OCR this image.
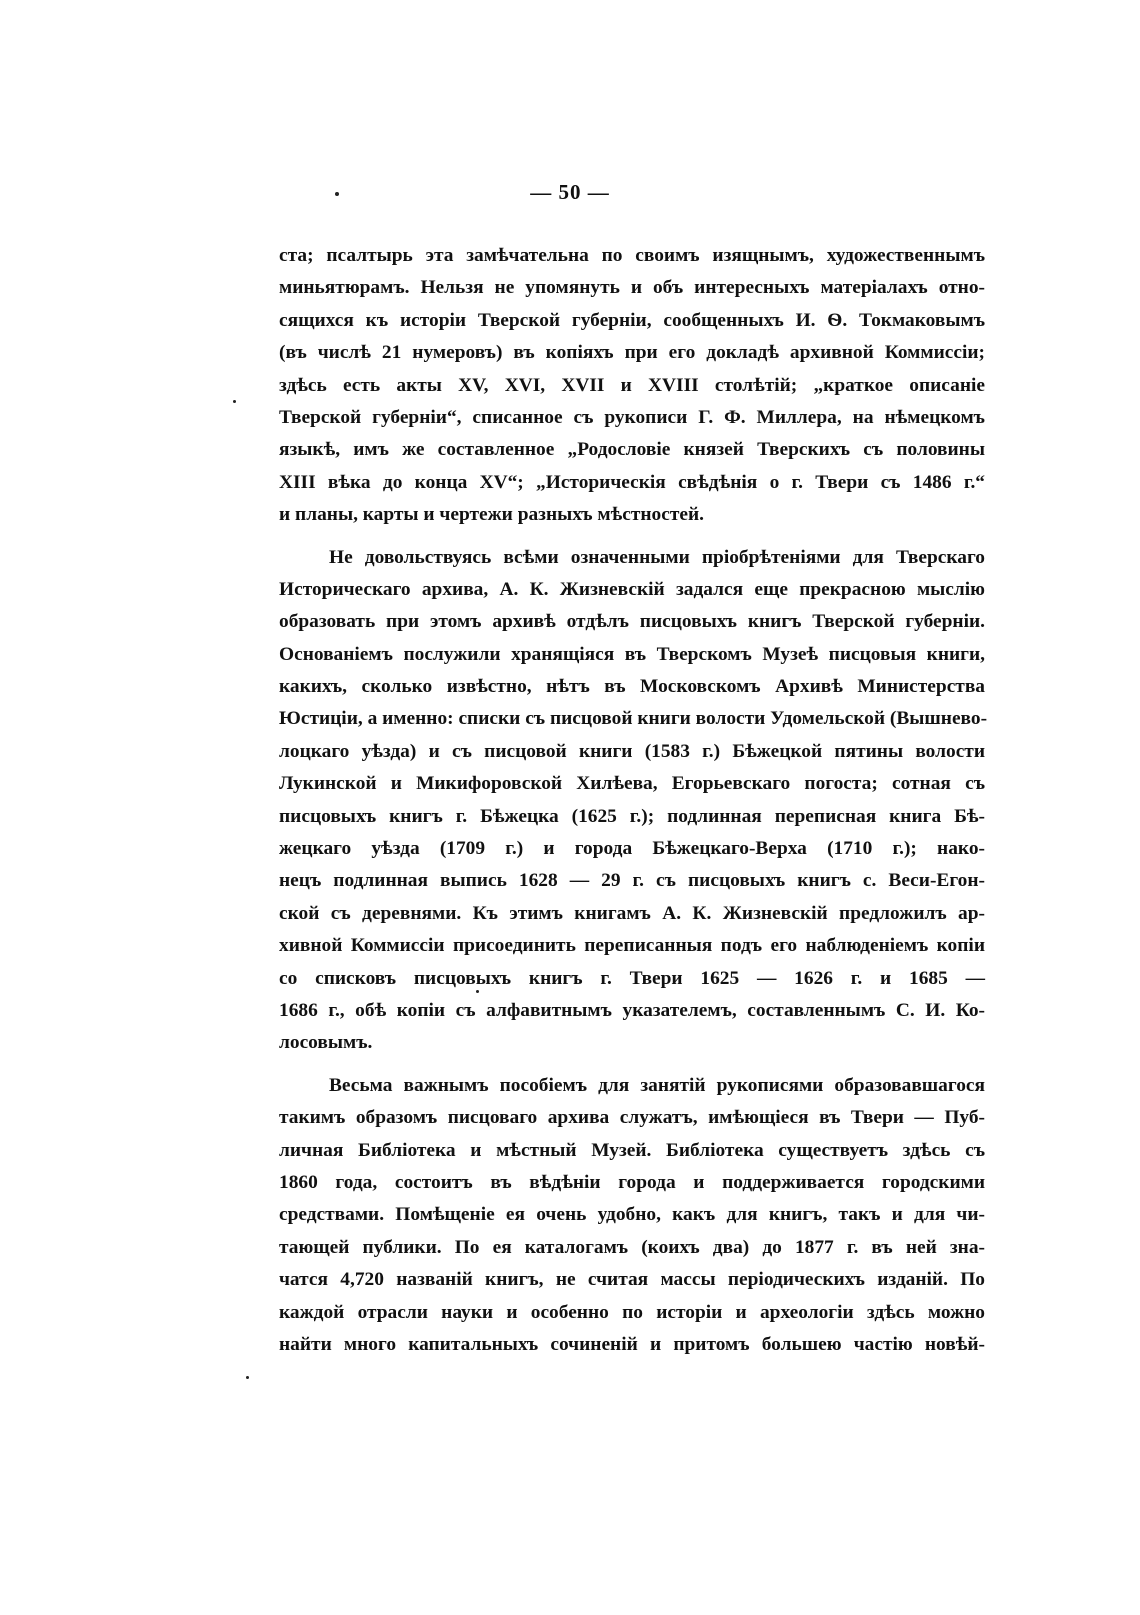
— 50 —
ста; псалтырь эта замѣчательна по своимъ изящнымъ, художественнымъ
миньятюрамъ. Нельзя не упомянуть и объ интересныхъ матеріалахъ отно-
сящихся къ исторіи Тверской губерніи, сообщенныхъ И. Ѳ. Токмаковымъ
(въ числѣ 21 нумеровъ) въ копіяхъ при его докладѣ архивной Коммиссіи;
здѣсь есть акты XV, XVI, XVII и XVIII столѣтій; „краткое описаніе
Тверской губерніи“, списанное съ рукописи Г. Ф. Миллера, на нѣмецкомъ
языкѣ, имъ же составленное „Родословіе князей Тверскихъ съ половины
XIII вѣка до конца XV“; „Историческія свѣдѣнія о г. Твери съ 1486 г.“
и планы, карты и чертежи разныхъ мѣстностей.
Не довольствуясь всѣми означенными пріобрѣтеніями для Тверскаго
Историческаго архива, А. К. Жизневскій задался еще прекрасною мыслію
образовать при этомъ архивѣ отдѣлъ писцовыхъ книгъ Тверской губерніи.
Основаніемъ послужили хранящіяся въ Тверскомъ Музеѣ писцовыя книги,
какихъ, сколько извѣстно, нѣтъ въ Московскомъ Архивѣ Министерства
Юстиціи, а именно: списки съ писцовой книги волости Удомельской (Вышнево-
лоцкаго уѣзда) и съ писцовой книги (1583 г.) Бѣжецкой пятины волости
Лукинской и Микифоровской Хилѣева, Егорьевскаго погоста; сотная съ
писцовыхъ книгъ г. Бѣжецка (1625 г.); подлинная переписная книга Бѣ-
жецкаго уѣзда (1709 г.) и города Бѣжецкаго-Верха (1710 г.); нако-
нецъ подлинная выпись 1628 — 29 г. съ писцовыхъ книгъ с. Веси-Егон-
ской съ деревнями. Къ этимъ книгамъ А. К. Жизневскій предложилъ ар-
хивной Коммиссіи присоединить переписанныя подъ его наблюденіемъ копіи
со списковъ писцовыхъ книгъ г. Твери 1625 — 1626 г. и 1685 —
1686 г., обѣ копіи съ алфавитнымъ указателемъ, составленнымъ С. И. Ко-
лосовымъ.
Весьма важнымъ пособіемъ для занятій рукописями образовавшагося
такимъ образомъ писцоваго архива служатъ, имѣющіеся въ Твери — Пуб-
личная Библіотека и мѣстный Музей. Библіотека существуетъ здѣсь съ
1860 года, состоитъ въ вѣдѣніи города и поддерживается городскими
средствами. Помѣщеніе ея очень удобно, какъ для книгъ, такъ и для чи-
тающей публики. По ея каталогамъ (коихъ два) до 1877 г. въ ней зна-
чатся 4,720 названій книгъ, не считая массы періодическихъ изданій. По
каждой отрасли науки и особенно по исторіи и археологіи здѣсь можно
найти много капитальныхъ сочиненій и притомъ большею частію новѣй-
